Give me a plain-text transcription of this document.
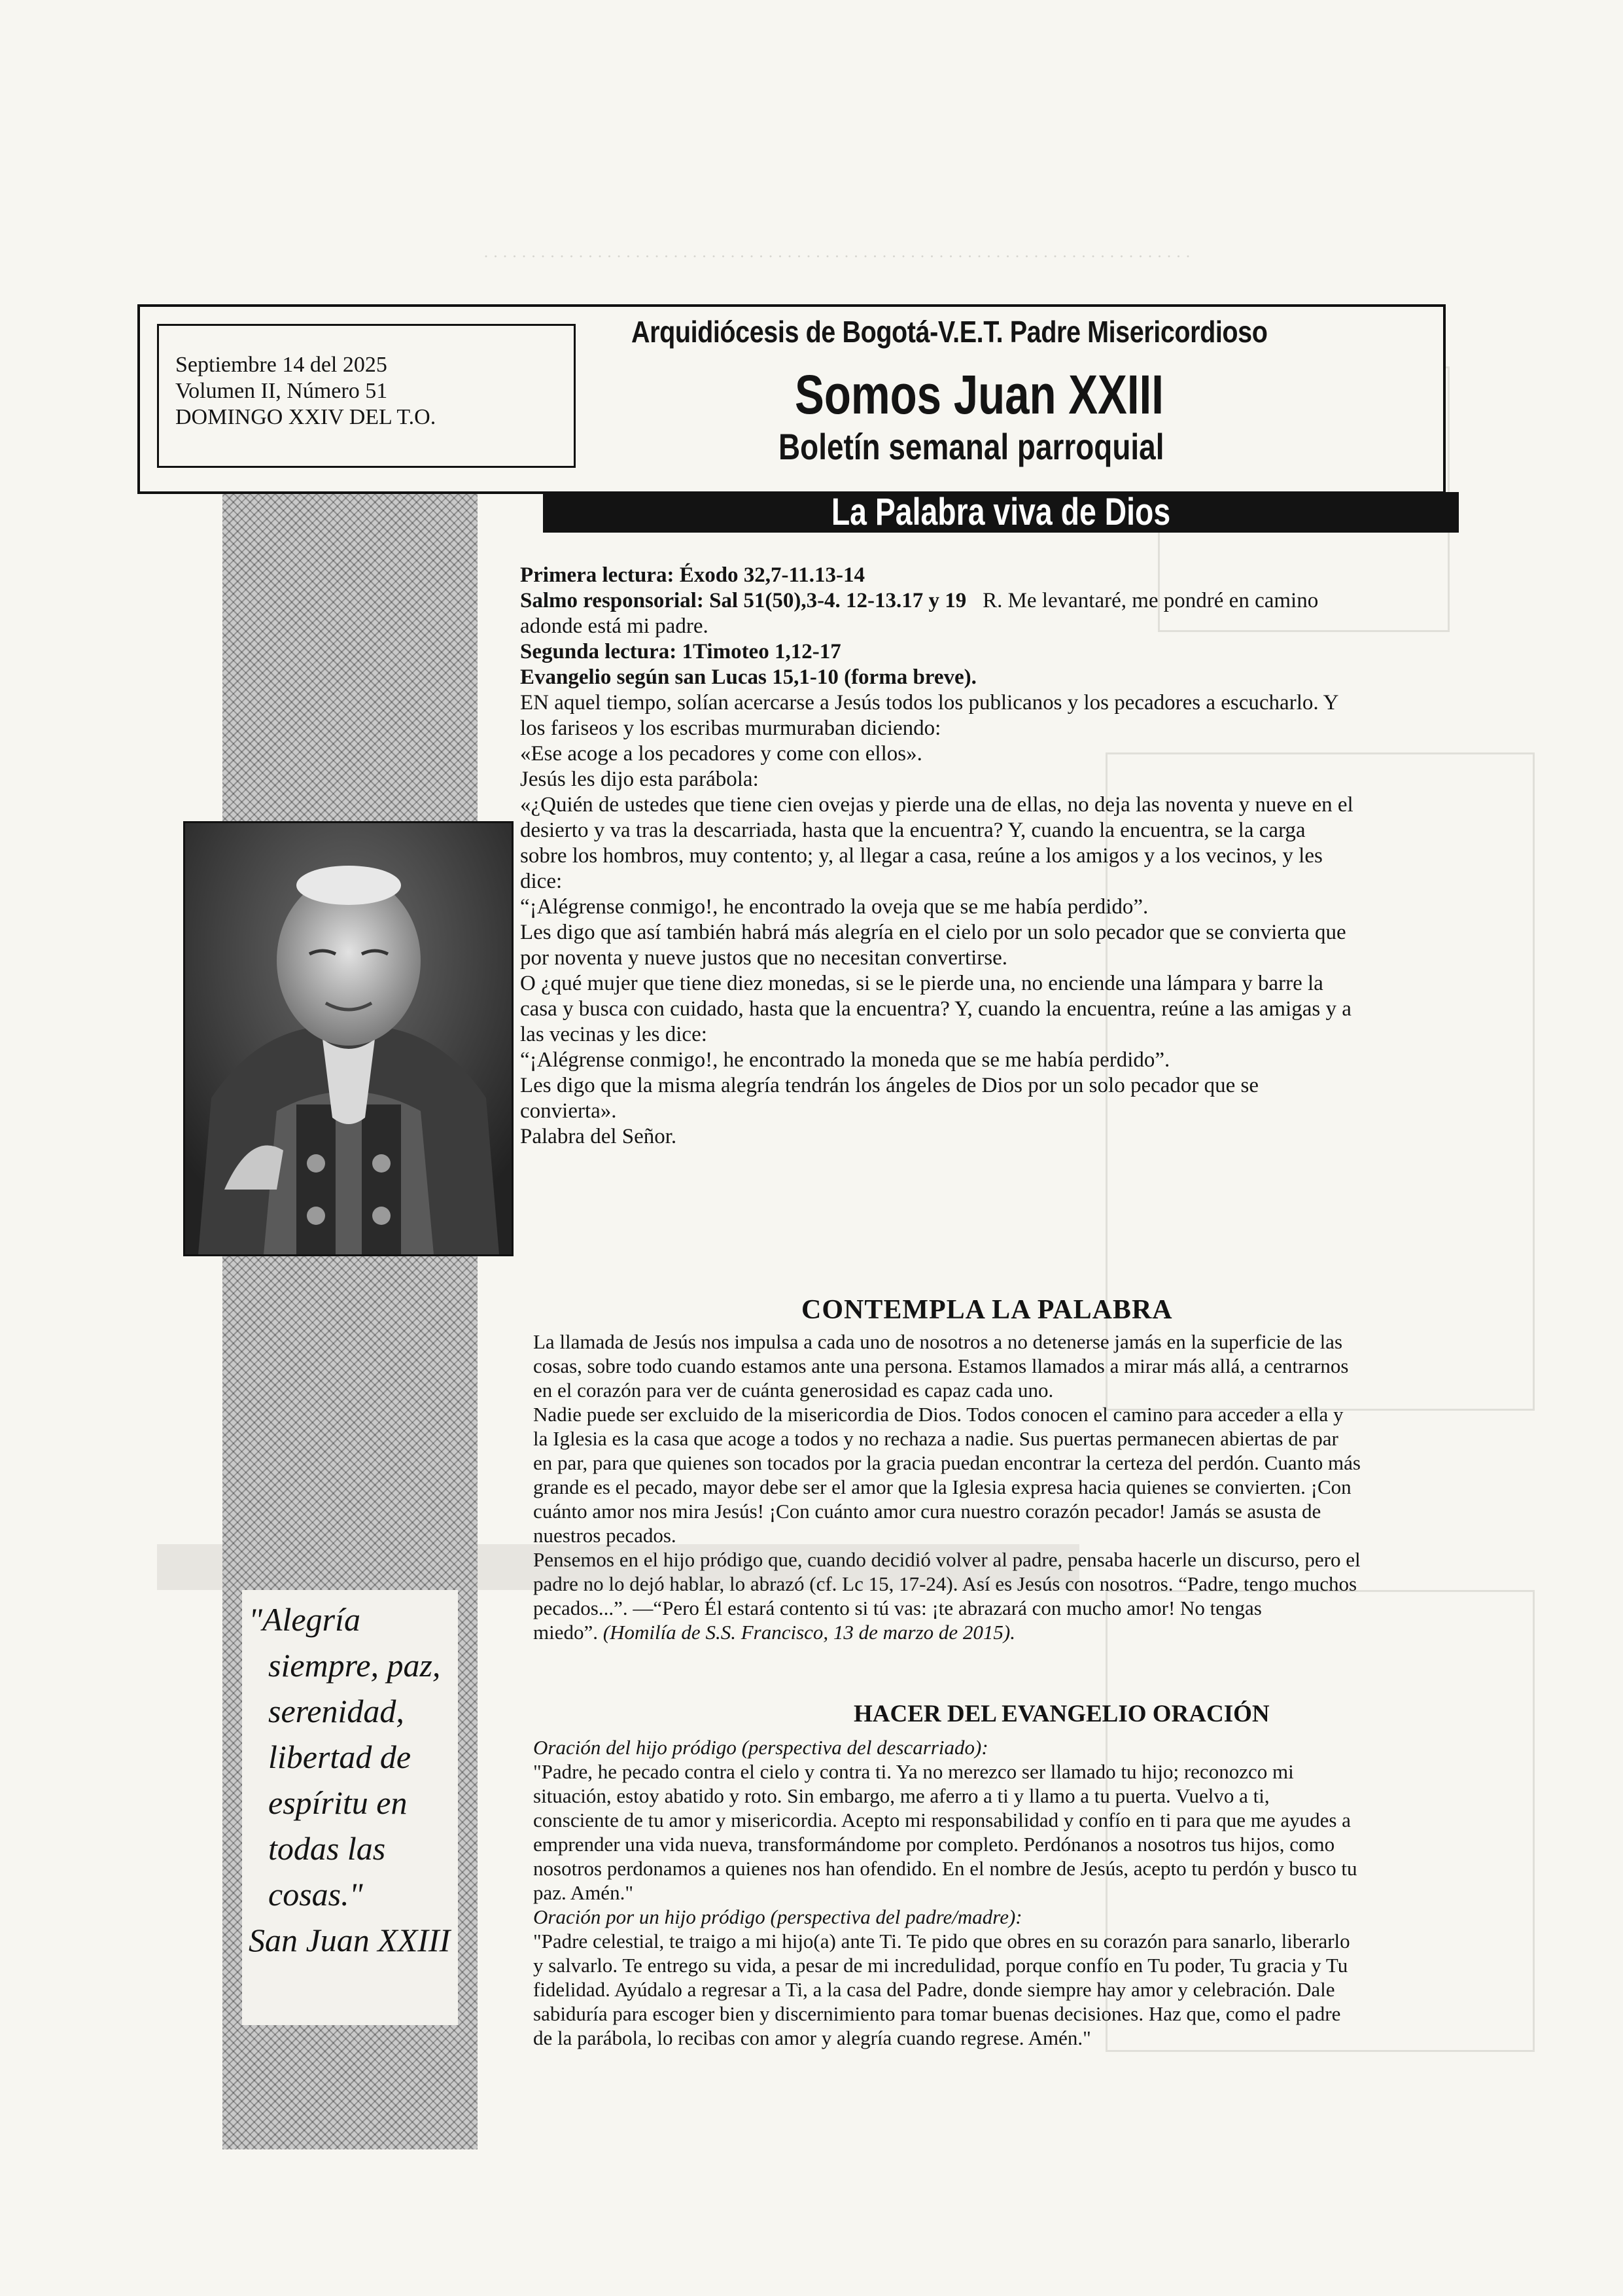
. . . . . . . . . . . . . . . . . . . . . . . . . . . . . . . . . . . . . . . . . . . . . . . . . . . . . . . . . . . . . . . . . . . . . . . . . . .
Septiembre 14 del 2025
Volumen II, Número 51
DOMINGO XXIV DEL T.O.
Arquidiócesis de Bogotá-V.E.T. Padre Misericordioso
Somos Juan XXIII
Boletín semanal parroquial
"Alegría
siempre, paz,
serenidad,
libertad de
espíritu en
todas las
cosas."
San Juan XXIII
La Palabra viva de Dios

Primera lectura: Éxodo 32,7-11.13-14

Salmo responsorial: Sal 51(50),3-4. 12-13.17 y 19 R. Me levantaré, me pondré en camino

adonde está mi padre.

Segunda lectura: 1Timoteo 1,12-17

Evangelio según san Lucas 15,1-10 (forma breve).

EN aquel tiempo, solían acercarse a Jesús todos los publicanos y los pecadores a escucharlo. Y

los fariseos y los escribas murmuraban diciendo:

«Ese acoge a los pecadores y come con ellos».

Jesús les dijo esta parábola:

«¿Quién de ustedes que tiene cien ovejas y pierde una de ellas, no deja las noventa y nueve en el

desierto y va tras la descarriada, hasta que la encuentra? Y, cuando la encuentra, se la carga

sobre los hombros, muy contento; y, al llegar a casa, reúne a los amigos y a los vecinos, y les

dice:

“¡Alégrense conmigo!, he encontrado la oveja que se me había perdido”.

Les digo que así también habrá más alegría en el cielo por un solo pecador que se convierta que

por noventa y nueve justos que no necesitan convertirse.

O ¿qué mujer que tiene diez monedas, si se le pierde una, no enciende una lámpara y barre la

casa y busca con cuidado, hasta que la encuentra? Y, cuando la encuentra, reúne a las amigas y a

las vecinas y les dice:

“¡Alégrense conmigo!, he encontrado la moneda que se me había perdido”.

Les digo que la misma alegría tendrán los ángeles de Dios por un solo pecador que se

convierta».

Palabra del Señor.

CONTEMPLA LA PALABRA

La llamada de Jesús nos impulsa a cada uno de nosotros a no detenerse jamás en la superficie de las

cosas, sobre todo cuando estamos ante una persona. Estamos llamados a mirar más allá, a centrarnos

en el corazón para ver de cuánta generosidad es capaz cada uno.

Nadie puede ser excluido de la misericordia de Dios. Todos conocen el camino para acceder a ella y

la Iglesia es la casa que acoge a todos y no rechaza a nadie. Sus puertas permanecen abiertas de par

en par, para que quienes son tocados por la gracia puedan encontrar la certeza del perdón. Cuanto más

grande es el pecado, mayor debe ser el amor que la Iglesia expresa hacia quienes se convierten. ¡Con

cuánto amor nos mira Jesús! ¡Con cuánto amor cura nuestro corazón pecador! Jamás se asusta de

nuestros pecados.

Pensemos en el hijo pródigo que, cuando decidió volver al padre, pensaba hacerle un discurso, pero el

padre no lo dejó hablar, lo abrazó (cf. Lc 15, 17-24). Así es Jesús con nosotros. “Padre, tengo muchos

pecados...”. —“Pero Él estará contento si tú vas: ¡te abrazará con mucho amor! No tengas

miedo”. (Homilía de S.S. Francisco, 13 de marzo de 2015).

HACER DEL EVANGELIO ORACIÓN

Oración del hijo pródigo (perspectiva del descarriado):

"Padre, he pecado contra el cielo y contra ti. Ya no merezco ser llamado tu hijo; reconozco mi

situación, estoy abatido y roto. Sin embargo, me aferro a ti y llamo a tu puerta. Vuelvo a ti,

consciente de tu amor y misericordia. Acepto mi responsabilidad y confío en ti para que me ayudes a

emprender una vida nueva, transformándome por completo. Perdónanos a nosotros tus hijos, como

nosotros perdonamos a quienes nos han ofendido. En el nombre de Jesús, acepto tu perdón y busco tu

paz. Amén."

Oración por un hijo pródigo (perspectiva del padre/madre):

"Padre celestial, te traigo a mi hijo(a) ante Ti. Te pido que obres en su corazón para sanarlo, liberarlo

y salvarlo. Te entrego su vida, a pesar de mi incredulidad, porque confío en Tu poder, Tu gracia y Tu

fidelidad. Ayúdalo a regresar a Ti, a la casa del Padre, donde siempre hay amor y celebración. Dale

sabiduría para escoger bien y discernimiento para tomar buenas decisiones. Haz que, como el padre

de la parábola, lo recibas con amor y alegría cuando regrese. Amén."
